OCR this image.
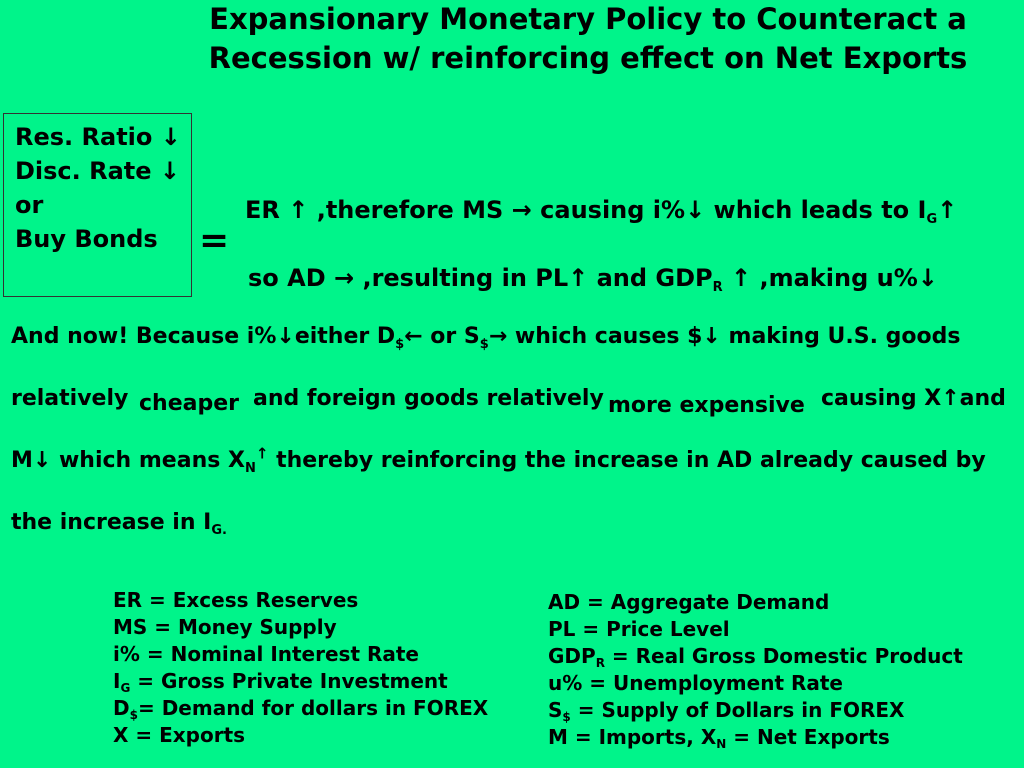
Expansionary Monetary Policy to Counteract a
Recession w/ reinforcing effect on Net Exports
Res. Ratio ↓
Disc. Rate ↓
or
Buy Bonds	=
ER ↑ ,therefore MS → causing i%↓ which leads to $I_G↑$
so AD → ,resulting in PL↑ and $GDP_R$ ↑ ,making u%↓
And now! Because i%↓either $D_{\$}\leftarrow$ or $S_{\$}\to$ which causes $↓ making U.S. goods
relatively cheaper and foreign goods relatively more expensive causing X↑and
M↓ which means $X_N^↑$ thereby reinforcing the increase in AD already caused by
the increase in $I_{G.}$
ER = Excess Reserves
MS = Money Supply
i% = Nominal Interest Rate
$I_G$ = Gross Private Investment
$D_{\$}=$ Demand for dollars in FOREX
X = Exports
AD = Aggregate Demand
PL = Price Level
$GDP_R$ = Real Gross Domestic Product
u% = Unemployment Rate
$S_{\$}$ = Supply of Dollars in FOREX
M = Imports, $X_N$ = Net Exports
